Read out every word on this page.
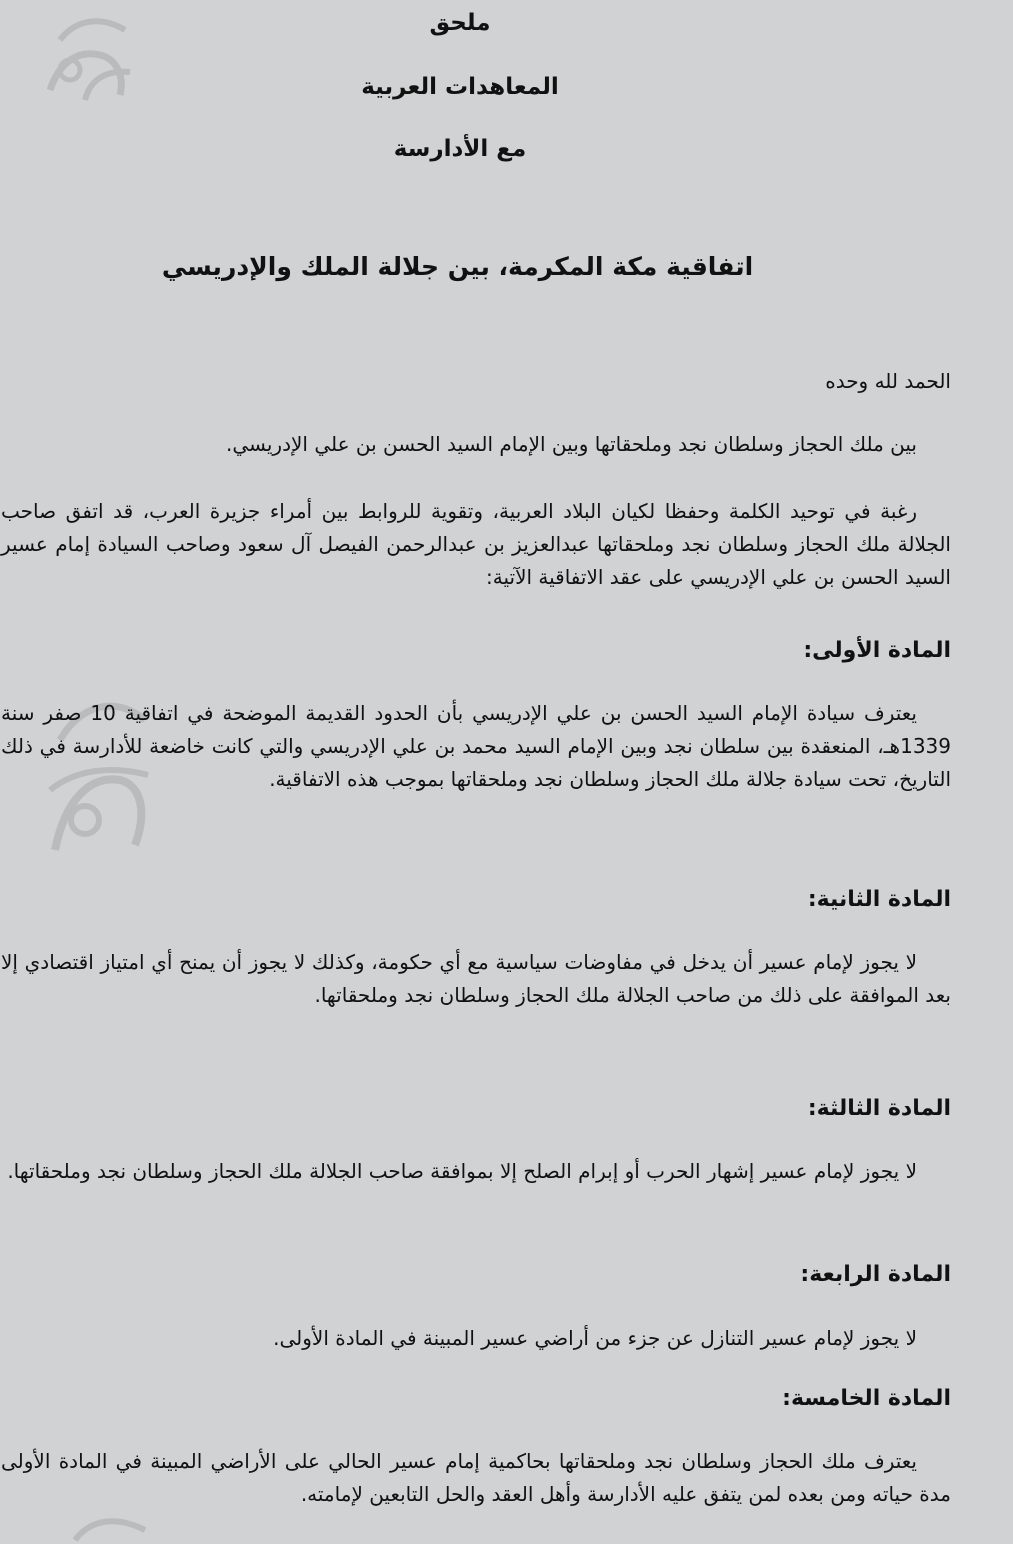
ملحق
المعاهدات العربية
مع الأدارسة
اتفاقية مكة المكرمة، بين جلالة الملك والإدريسي
الحمد لله وحده
بين ملك الحجاز وسلطان نجد وملحقاتها وبين الإمام السيد الحسن بن علي الإدريسي.
رغبة في توحيد الكلمة وحفظا لكيان البلاد العربية، وتقوية للروابط بين أمراء جزيرة العرب، قد اتفق صاحب الجلالة ملك الحجاز وسلطان نجد وملحقاتها عبدالعزيز بن عبدالرحمن الفيصل آل سعود وصاحب السيادة إمام عسير السيد الحسن بن علي الإدريسي على عقد الاتفاقية الآتية:
المادة الأولى:
يعترف سيادة الإمام السيد الحسن بن علي الإدريسي بأن الحدود القديمة الموضحة في اتفاقية 10 صفر سنة 1339هـ، المنعقدة بين سلطان نجد وبين الإمام السيد محمد بن علي الإدريسي والتي كانت خاضعة للأدارسة في ذلك التاريخ، تحت سيادة جلالة ملك الحجاز وسلطان نجد وملحقاتها بموجب هذه الاتفاقية.
المادة الثانية:
لا يجوز لإمام عسير أن يدخل في مفاوضات سياسية مع أي حكومة، وكذلك لا يجوز أن يمنح أي امتياز اقتصادي إلا بعد الموافقة على ذلك من صاحب الجلالة ملك الحجاز وسلطان نجد وملحقاتها.
المادة الثالثة:
لا يجوز لإمام عسير إشهار الحرب أو إبرام الصلح إلا بموافقة صاحب الجلالة ملك الحجاز وسلطان نجد وملحقاتها.
المادة الرابعة:
لا يجوز لإمام عسير التنازل عن جزء من أراضي عسير المبينة في المادة الأولى.
المادة الخامسة:
يعترف ملك الحجاز وسلطان نجد وملحقاتها بحاكمية إمام عسير الحالي على الأراضي المبينة في المادة الأولى مدة حياته ومن بعده لمن يتفق عليه الأدارسة وأهل العقد والحل التابعين لإمامته.
